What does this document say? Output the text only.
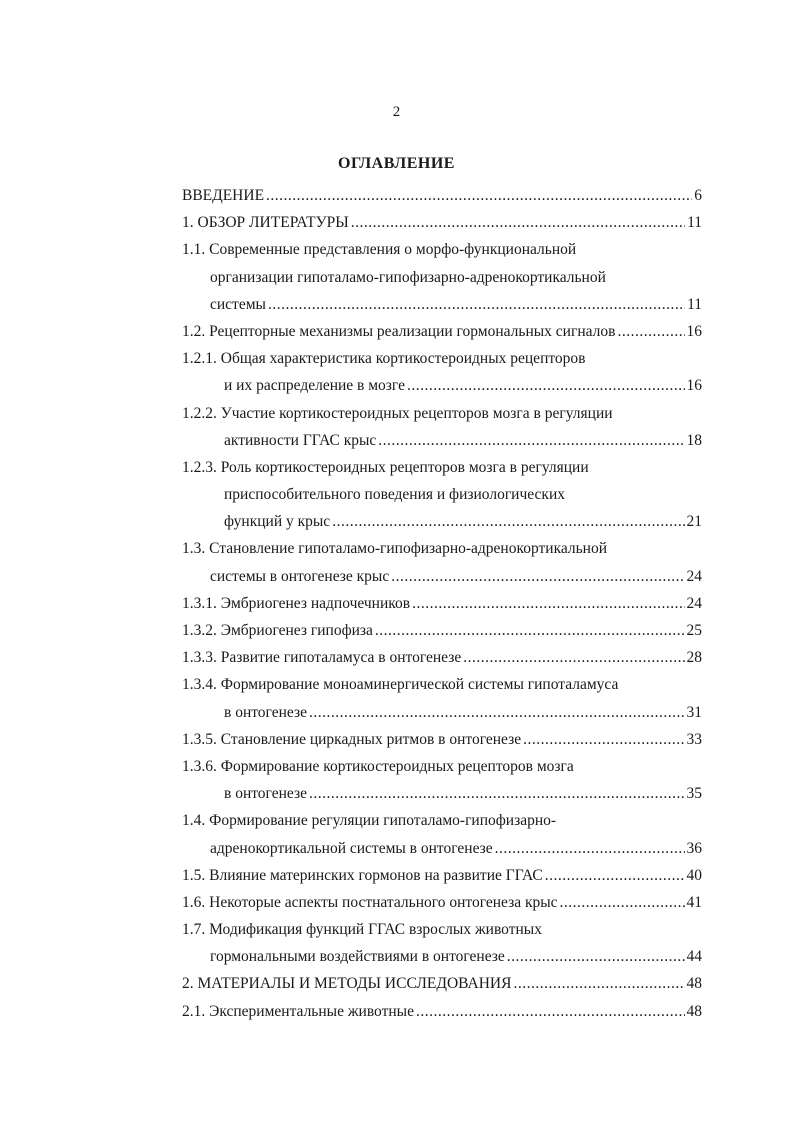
2
ОГЛАВЛЕНИЕ
ВВЕДЕНИЕ .....	6
1. ОБЗОР ЛИТЕРАТУРЫ .....	11
1.1. Современные представления о морфо-функциональной
организации гипоталамо-гипофизарно-адренокортикальной
системы .....	11
1.2. Рецепторные механизмы реализации гормональных сигналов .....	16
1.2.1. Общая характеристика кортикостероидных рецепторов
и их распределение в мозге .....	16
1.2.2. Участие кортикостероидных рецепторов мозга в регуляции
активности ГГАС крыс .....	18
1.2.3. Роль кортикостероидных рецепторов мозга в регуляции
приспособительного поведения и физиологических
функций у крыс .....	21
1.3. Становление гипоталамо-гипофизарно-адренокортикальной
системы в онтогенезе крыс .....	24
1.3.1. Эмбриогенез надпочечников .....	24
1.3.2. Эмбриогенез гипофиза .....	25
1.3.3. Развитие гипоталамуса в онтогенезе .....	28
1.3.4. Формирование моноаминергической системы гипоталамуса
в онтогенезе .....	31
1.3.5. Становление циркадных ритмов в онтогенезе .....	33
1.3.6. Формирование кортикостероидных рецепторов мозга
в онтогенезе .....	35
1.4. Формирование регуляции гипоталамо-гипофизарно-
адренокортикальной системы в онтогенезе .....	36
1.5. Влияние материнских гормонов на развитие ГГАС .....	40
1.6. Некоторые аспекты постнатального онтогенеза крыс .....	41
1.7. Модификация функций ГГАС взрослых животных
гормональными воздействиями в онтогенезе .....	44
2. МАТЕРИАЛЫ И МЕТОДЫ ИССЛЕДОВАНИЯ .....	48
2.1. Экспериментальные животные .....	48
